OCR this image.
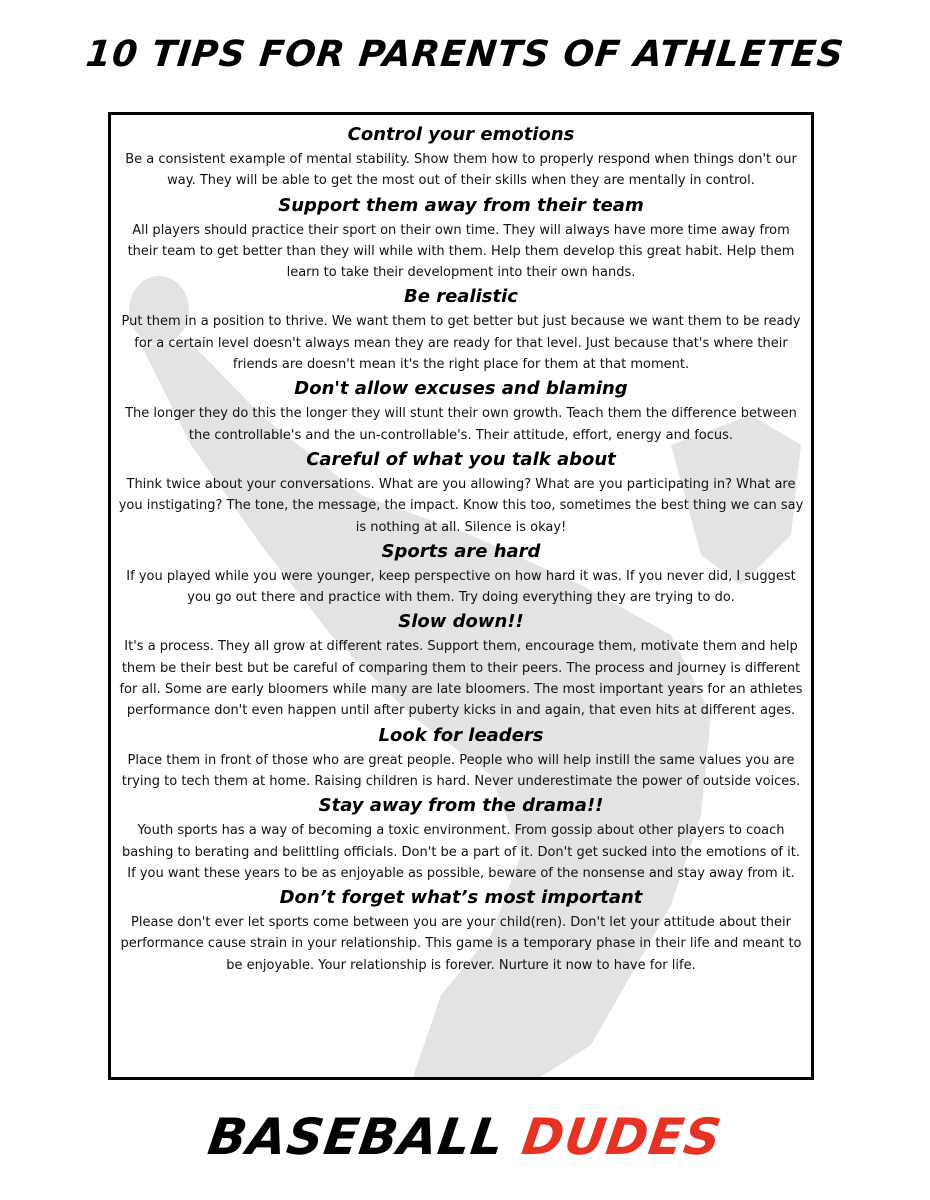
10 TIPS FOR PARENTS OF ATHLETES
Control your emotions

Be a consistent example of mental stability. Show them how to properly respond when things don't our way. They will be able to get the most out of their skills when they are mentally in control.

Support them away from their team

All players should practice their sport on their own time. They will always have more time away from their team to get better than they will while with them. Help them develop this great habit. Help them learn to take their development into their own hands.

Be realistic

Put them in a position to thrive. We want them to get better but just because we want them to be ready for a certain level doesn't always mean they are ready for that level. Just because that's where their friends are doesn't mean it's the right place for them at that moment.

Don't allow excuses and blaming

The longer they do this the longer they will stunt their own growth. Teach them the difference between the controllable's and the un-controllable's. Their attitude, effort, energy and focus.

Careful of what you talk about

Think twice about your conversations. What are you allowing? What are you participating in? What are you instigating? The tone, the message, the impact. Know this too, sometimes the best thing we can say is nothing at all. Silence is okay!

Sports are hard

If you played while you were younger, keep perspective on how hard it was. If you never did, I suggest you go out there and practice with them. Try doing everything they are trying to do.

Slow down!!

It's a process. They all grow at different rates. Support them, encourage them, motivate them and help them be their best but be careful of comparing them to their peers. The process and journey is different for all. Some are early bloomers while many are late bloomers. The most important years for an athletes performance don't even happen until after puberty kicks in and again, that even hits at different ages.

Look for leaders

Place them in front of those who are great people. People who will help instill the same values you are trying to tech them at home. Raising children is hard. Never underestimate the power of outside voices.

Stay away from the drama!!

Youth sports has a way of becoming a toxic environment. From gossip about other players to coach bashing to berating and belittling officials. Don't be a part of it. Don't get sucked into the emotions of it. If you want these years to be as enjoyable as possible, beware of the nonsense and stay away from it.

Don’t forget what’s most important

Please don't ever let sports come between you are your child(ren). Don't let your attitude about their performance cause strain in your relationship. This game is a temporary phase in their life and meant to be enjoyable. Your relationship is forever. Nurture it now to have for life.

BASEBALL DUDES
